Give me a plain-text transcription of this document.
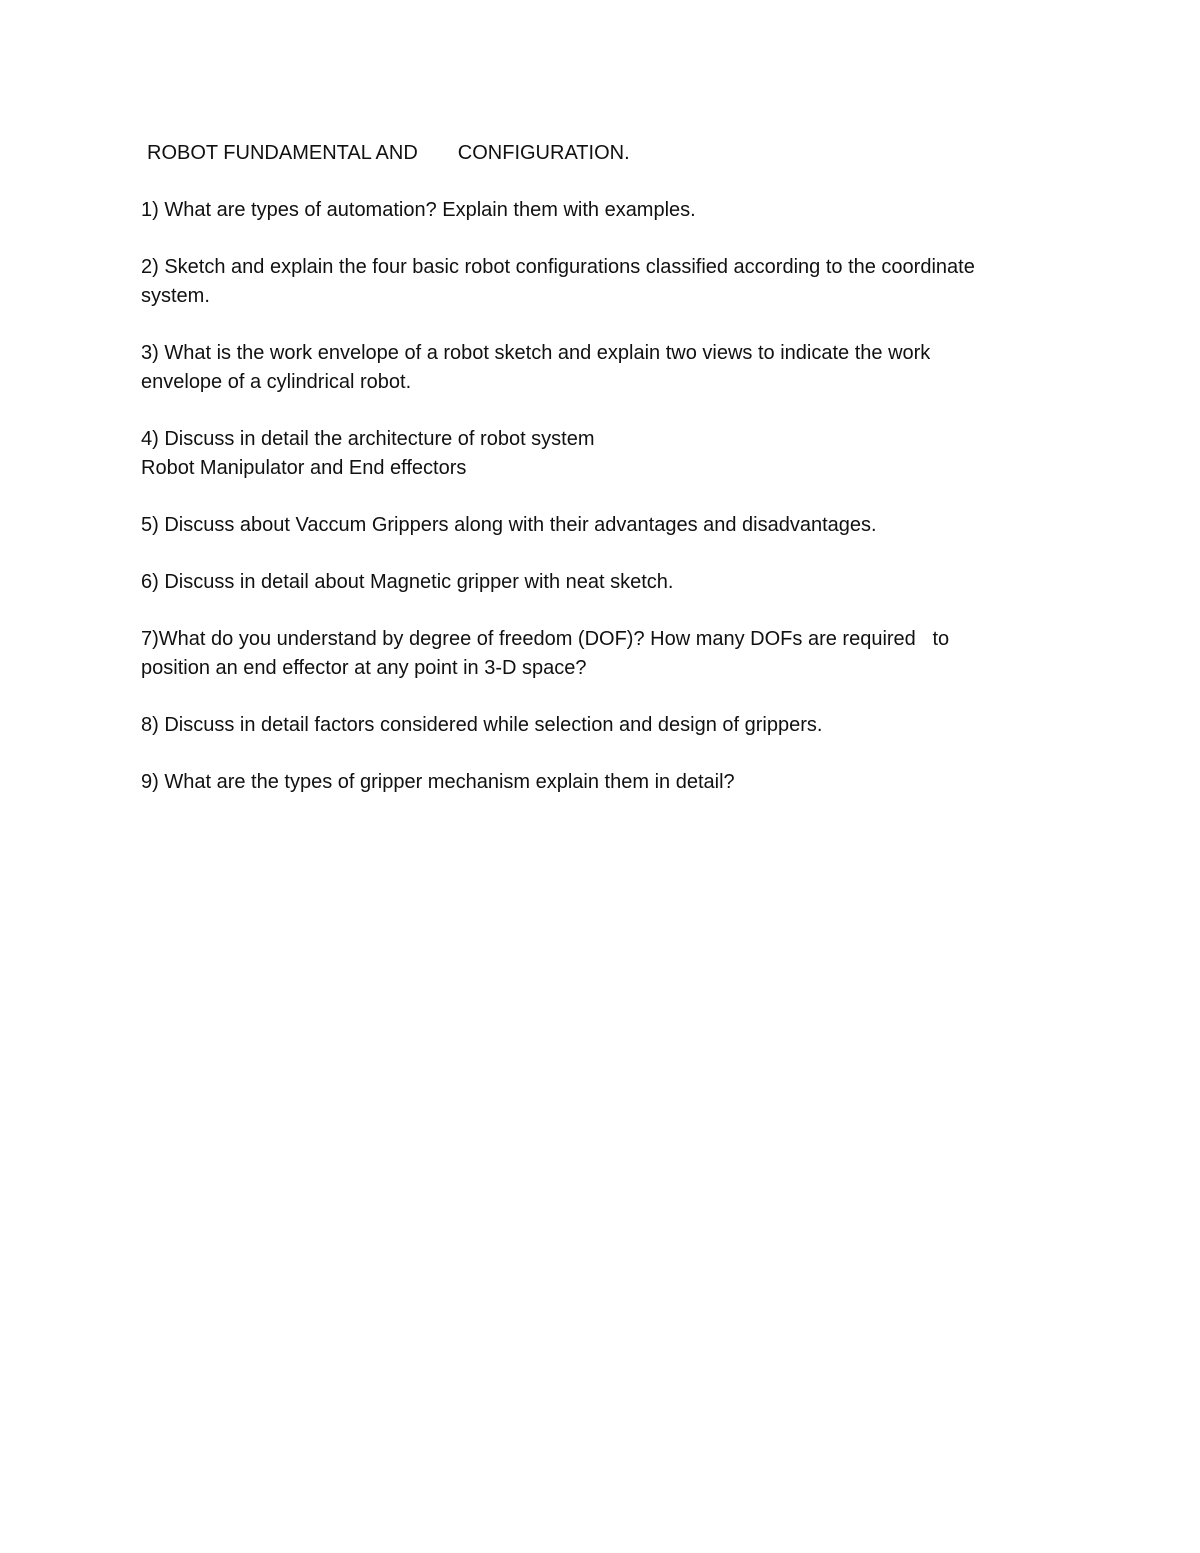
ROBOT FUNDAMENTAL AND CONFIGURATION.
1) What are types of automation? Explain them with examples.
2) Sketch and explain the four basic robot configurations classified according to the coordinate
system.
3) What is the work envelope of a robot sketch and explain two views to indicate the work
envelope of a cylindrical robot.
4) Discuss in detail the architecture of robot system
Robot Manipulator and End effectors
5) Discuss about Vaccum Grippers along with their advantages and disadvantages.
6) Discuss in detail about Magnetic gripper with neat sketch.
7)What do you understand by degree of freedom (DOF)? How many DOFs are required   to
position an end effector at any point in 3-D space?
8) Discuss in detail factors considered while selection and design of grippers.
9) What are the types of gripper mechanism explain them in detail?
